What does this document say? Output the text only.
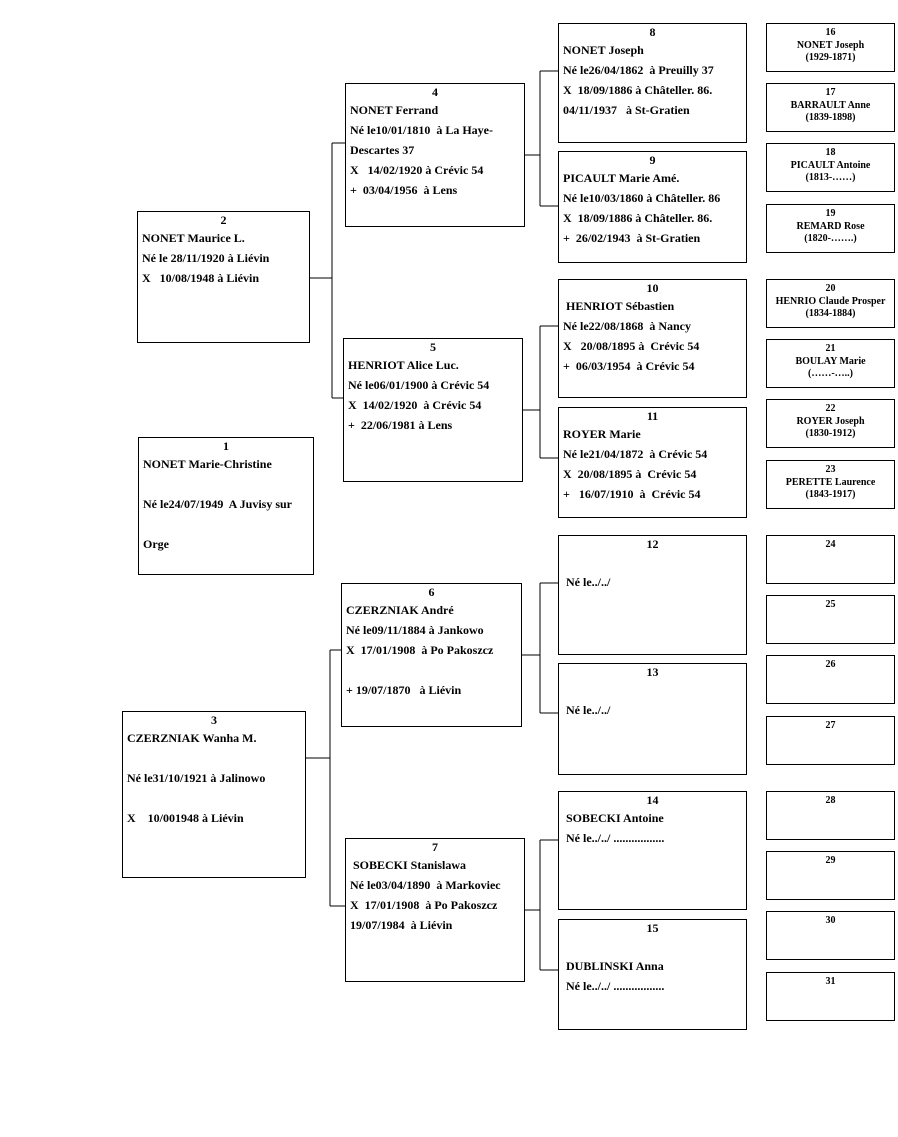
2
NONET Maurice L.
Né le 28/11/1920 à Liévin
X   10/08/1948 à Liévin
1
NONET Marie-Christine

Né le24/07/1949  A Juvisy sur

Orge
3
CZERZNIAK Wanha M.

Né le31/10/1921 à Jalinowo

X    10/001948 à Liévin
4
NONET Ferrand
Né le10/01/1810  à La Haye-
Descartes 37
X   14/02/1920 à Crévic 54
+  03/04/1956  à Lens
5
HENRIOT Alice Luc.
Né le06/01/1900 à Crévic 54
X  14/02/1920  à Crévic 54
+  22/06/1981 à Lens
6
CZERZNIAK André
Né le09/11/1884 à Jankowo
X  17/01/1908  à Po Pakoszcz

+ 19/07/1870   à Liévin
7
SOBECKI Stanislawa
Né le03/04/1890  à Markoviec
X  17/01/1908  à Po Pakoszcz
19/07/1984  à Liévin
8
NONET Joseph
Né le26/04/1862  à Preuilly 37
X  18/09/1886 à Châteller. 86.
04/11/1937   à St-Gratien
9
PICAULT Marie Amé.
Né le10/03/1860 à Châteller. 86
X  18/09/1886 à Châteller. 86.
+  26/02/1943  à St-Gratien
10
HENRIOT Sébastien
Né le22/08/1868  à Nancy
X   20/08/1895 à  Crévic 54
+  06/03/1954  à Crévic 54
11
ROYER Marie
Né le21/04/1872  à Crévic 54
X  20/08/1895 à  Crévic 54
+   16/07/1910  à  Crévic 54
12

Né le../../
13

Né le../../
14
SOBECKI Antoine
Né le../../ .................
15

DUBLINSKI Anna
Né le../../ .................
16
NONET Joseph
(1929-1871)
17
BARRAULT Anne
(1839-1898)
18
PICAULT Antoine
(1813-……)
19
REMARD Rose
(1820-…….)
20
HENRIO Claude Prosper
(1834-1884)
21
BOULAY Marie
(……-…..)
22
ROYER Joseph
(1830-1912)
23
PERETTE Laurence
(1843-1917)
24
25
26
27
28
29
30
31
